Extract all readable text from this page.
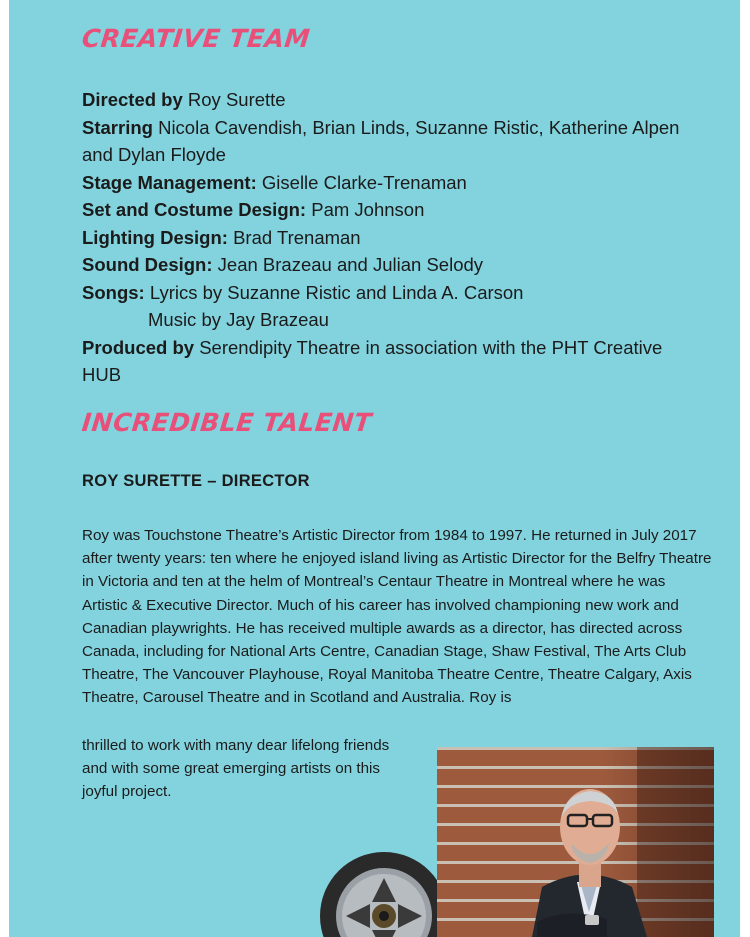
CREATIVE TEAM
Directed by Roy Surette
Starring Nicola Cavendish, Brian Linds, Suzanne Ristic, Katherine Alpen and Dylan Floyde
Stage Management: Giselle Clarke-Trenaman
Set and Costume Design: Pam Johnson
Lighting Design: Brad Trenaman
Sound Design: Jean Brazeau and Julian Selody
Songs: Lyrics by Suzanne Ristic and Linda A. Carson
Music by Jay Brazeau
Produced by Serendipity Theatre in association with the PHT Creative HUB
INCREDIBLE TALENT
ROY SURETTE – DIRECTOR

Roy was Touchstone Theatre’s Artistic Director from 1984 to 1997. He returned in July 2017 after twenty years: ten where he enjoyed island living as Artistic Director for the Belfry Theatre in Victoria and ten at the helm of Montreal’s Centaur Theatre in Montreal where he was Artistic & Executive Director. Much of his career has involved championing new work and Canadian playwrights. He has received multiple awards as a director, has directed across Canada, including for National Arts Centre, Canadian Stage, Shaw Festival, The Arts Club Theatre, The Vancouver Playhouse, Royal Manitoba Theatre Centre, Theatre Calgary, Axis Theatre, Carousel Theatre and in Scotland and Australia. Roy is

thrilled to work with many dear lifelong friends and with some great emerging artists on this joyful project.
